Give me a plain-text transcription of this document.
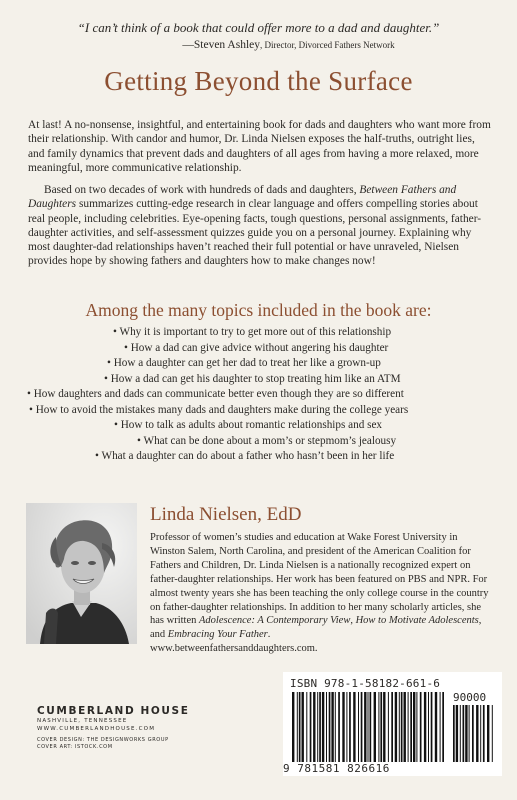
“I can’t think of a book that could offer more to a dad and daughter.”
—Steven Ashley, Director, Divorced Fathers Network
Getting Beyond the Surface
At last! A no-nonsense, insightful, and entertaining book for dads and daughters who want more from their relationship. With candor and humor, Dr. Linda Nielsen exposes the half-truths, outright lies, and family dynamics that prevent dads and daughters of all ages from having a more relaxed, more meaningful, more communicative relationship.
Based on two decades of work with hundreds of dads and daughters, Between Fathers and Daughters summarizes cutting-edge research in clear language and offers compelling stories about real people, including celebrities. Eye-opening facts, tough questions, personal assignments, father-daughter activities, and self-assessment quizzes guide you on a personal journey. Explaining why most daughter-dad relationships haven’t reached their full potential or have unraveled, Nielsen provides hope by showing fathers and daughters how to make changes now!
Among the many topics included in the book are:
• Why it is important to try to get more out of this relationship
• How a dad can give advice without angering his daughter
• How a daughter can get her dad to treat her like a grown-up
• How a dad can get his daughter to stop treating him like an ATM
• How daughters and dads can communicate better even though they are so different
• How to avoid the mistakes many dads and daughters make during the college years
• How to talk as adults about romantic relationships and sex
• What can be done about a mom’s or stepmom’s jealousy
• What a daughter can do about a father who hasn’t been in her life
Linda Nielsen, EdD
Professor of women’s studies and education at Wake Forest University in Winston Salem, North Carolina, and president of the American Coalition for Fathers and Children, Dr. Linda Nielsen is a nationally recognized expert on father-daughter relationships. Her work has been featured on PBS and NPR. For almost twenty years she has been teaching the only college course in the country on father-daughter relationships. In addition to her many scholarly articles, she has written Adolescence: A Contemporary View, How to Motivate Adolescents, and Embracing Your Father.
www.betweenfathersanddaughters.com.
CUMBERLAND HOUSE
NASHVILLE, TENNESSEE
WWW.CUMBERLANDHOUSE.COM
COVER DESIGN: THE DESIGNWORKS GROUP
COVER ART: ISTOCK.COM
ISBN 978-1-58182-661-6
90000
9 781581 826616
